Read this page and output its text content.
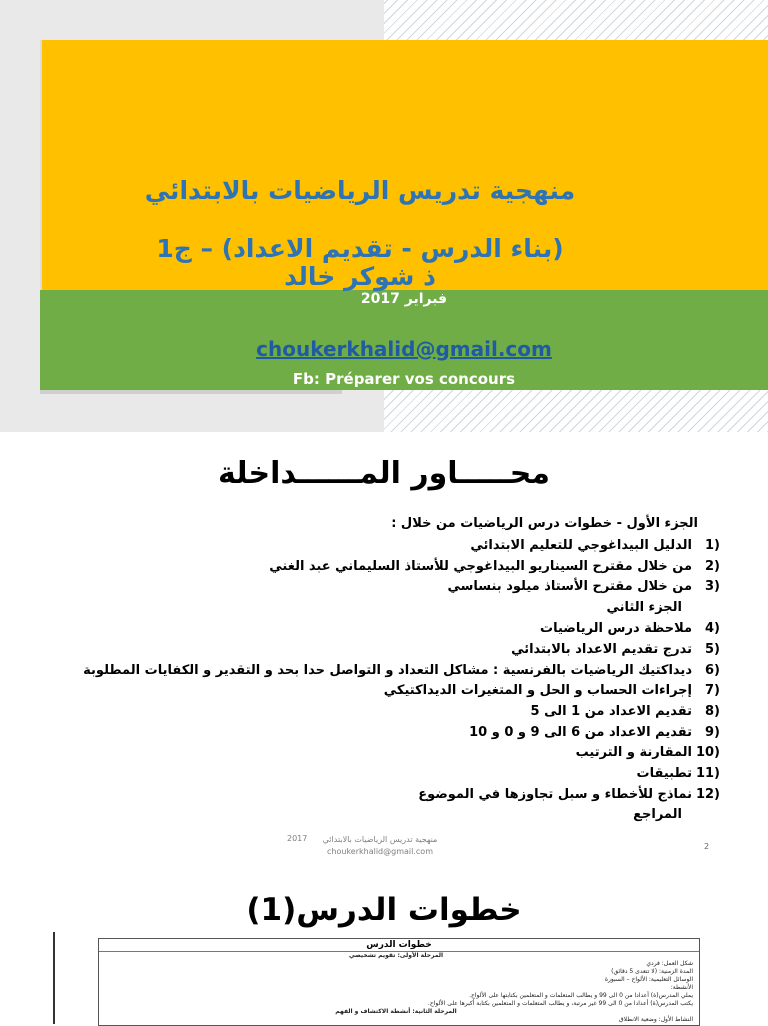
منهجية تدريس الرياضيات بالابتدائي
(بناء الدرس - تقديم الاعداد) – ج1
ذ شوكر خالد
فبراير 2017
choukerkhalid@gmail.com
Fb: Préparer vos concours
محـــــاور المــــــداخلة
الجزء الأول - خطوات درس الرياضيات من خلال :
(1
الدليل البيداغوجي للتعليم الابتدائي
(2
من خلال مقترح السيناريو البيداغوجي للأستاذ السليماني عبد الغني
(3
من خلال مقترح الأستاذ ميلود بنساسي
الجزء الثاني
(4
ملاحظة درس الرياضيات
(5
تدرج تقديم الاعداد بالابتدائي
(6
ديداكتيك الرياضيات بالفرنسية : مشاكل التعداد و التواصل حدا بحد و التقدير و الكفايات المطلوبة
(7
إجراءات الحساب و الحل و المتغيرات الديداكتيكي
(8
تقديم الاعداد من 1 الى 5
(9
تقديم الاعداد من 6 الى 9 و 0 و 10
(10
المقارنة و الترتيب
(11
تطبيقات
(12
نماذج للأخطاء و سبل تجاوزها في الموضوع
المراجع
2017	منهجية تدريس الرياضيات بالابتدائي
choukerkhalid@gmail.com
2
خطوات الدرس(1)
خطوات الدرس
المرحلة الأولى: تقويم تشخيصي
شكل العمل: فردي
المدة الزمنية: (لا تتعدى 5 دقائق)
الوسائل التعليمية: الألواح – السبورة
الأنشطة:
يملي المدرس(ة) أعدادا من 0 الى 99 و يطالب المتعلمات و المتعلمين بكتابتها على الألواح.
يكتب المدرس(ة) أعدادا من 0 الى 99 غير مرتبة، و يطالب المتعلمات و المتعلمين بكتابة أكبرها على الألواح.
المرحلة الثانية: أنشطة الاكتشاف و الفهم
النشاط الأول: وضعية الانطلاق
